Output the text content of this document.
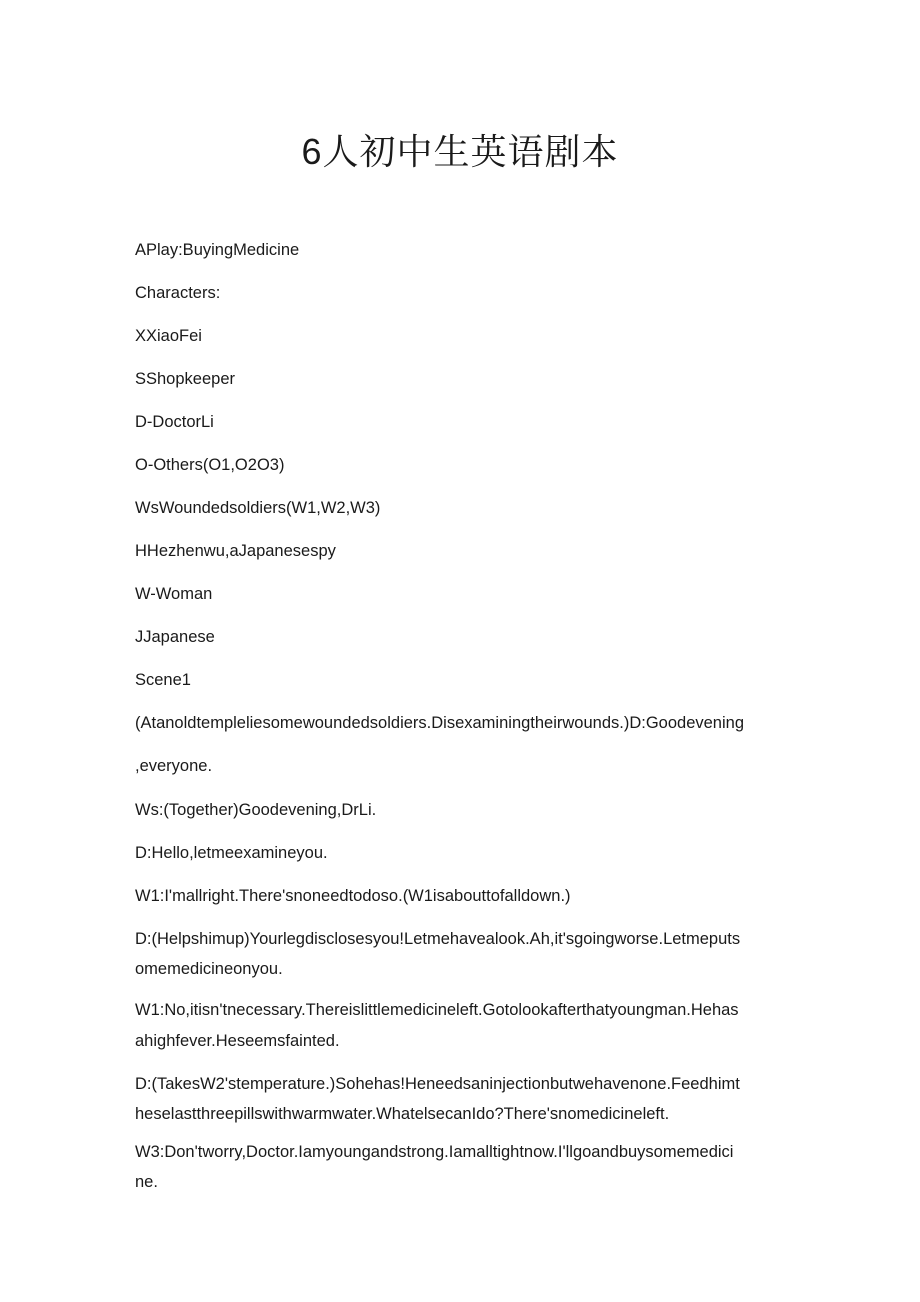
6人初中生英语剧本
APlay:BuyingMedicine
Characters:
XXiaoFei
SShopkeeper
D-DoctorLi
O-Others(O1,O2O3)
WsWoundedsoldiers(W1,W2,W3)
HHezhenwu,aJapanesespy
W-Woman
JJapanese
Scene1
(Atanoldtempleliesomewoundedsoldiers.Disexaminingtheirwounds.)D:Goodevening
,everyone.
Ws:(Together)Goodevening,DrLi.
D:Hello,letmeexamineyou.
W1:I'mallright.There'snoneedtodoso.(W1isabouttofalldown.)
D:(Helpshimup)Yourlegdisclosesyou!Letmehavealook.Ah,it'sgoingworse.Letmeputs
omemedicineonyou.
W1:No,itisn'tnecessary.Thereislittlemedicineleft.Gotolookafterthatyoungman.Hehas
ahighfever.Heseemsfainted.
D:(TakesW2'stemperature.)Sohehas!Heneedsaninjectionbutwehavenone.Feedhimt
heselastthreepillswithwarmwater.WhatelsecanIdo?There'snomedicineleft.
W3:Don'tworry,Doctor.Iamyoungandstrong.Iamalltightnow.I'llgoandbuysomemedici
ne.
